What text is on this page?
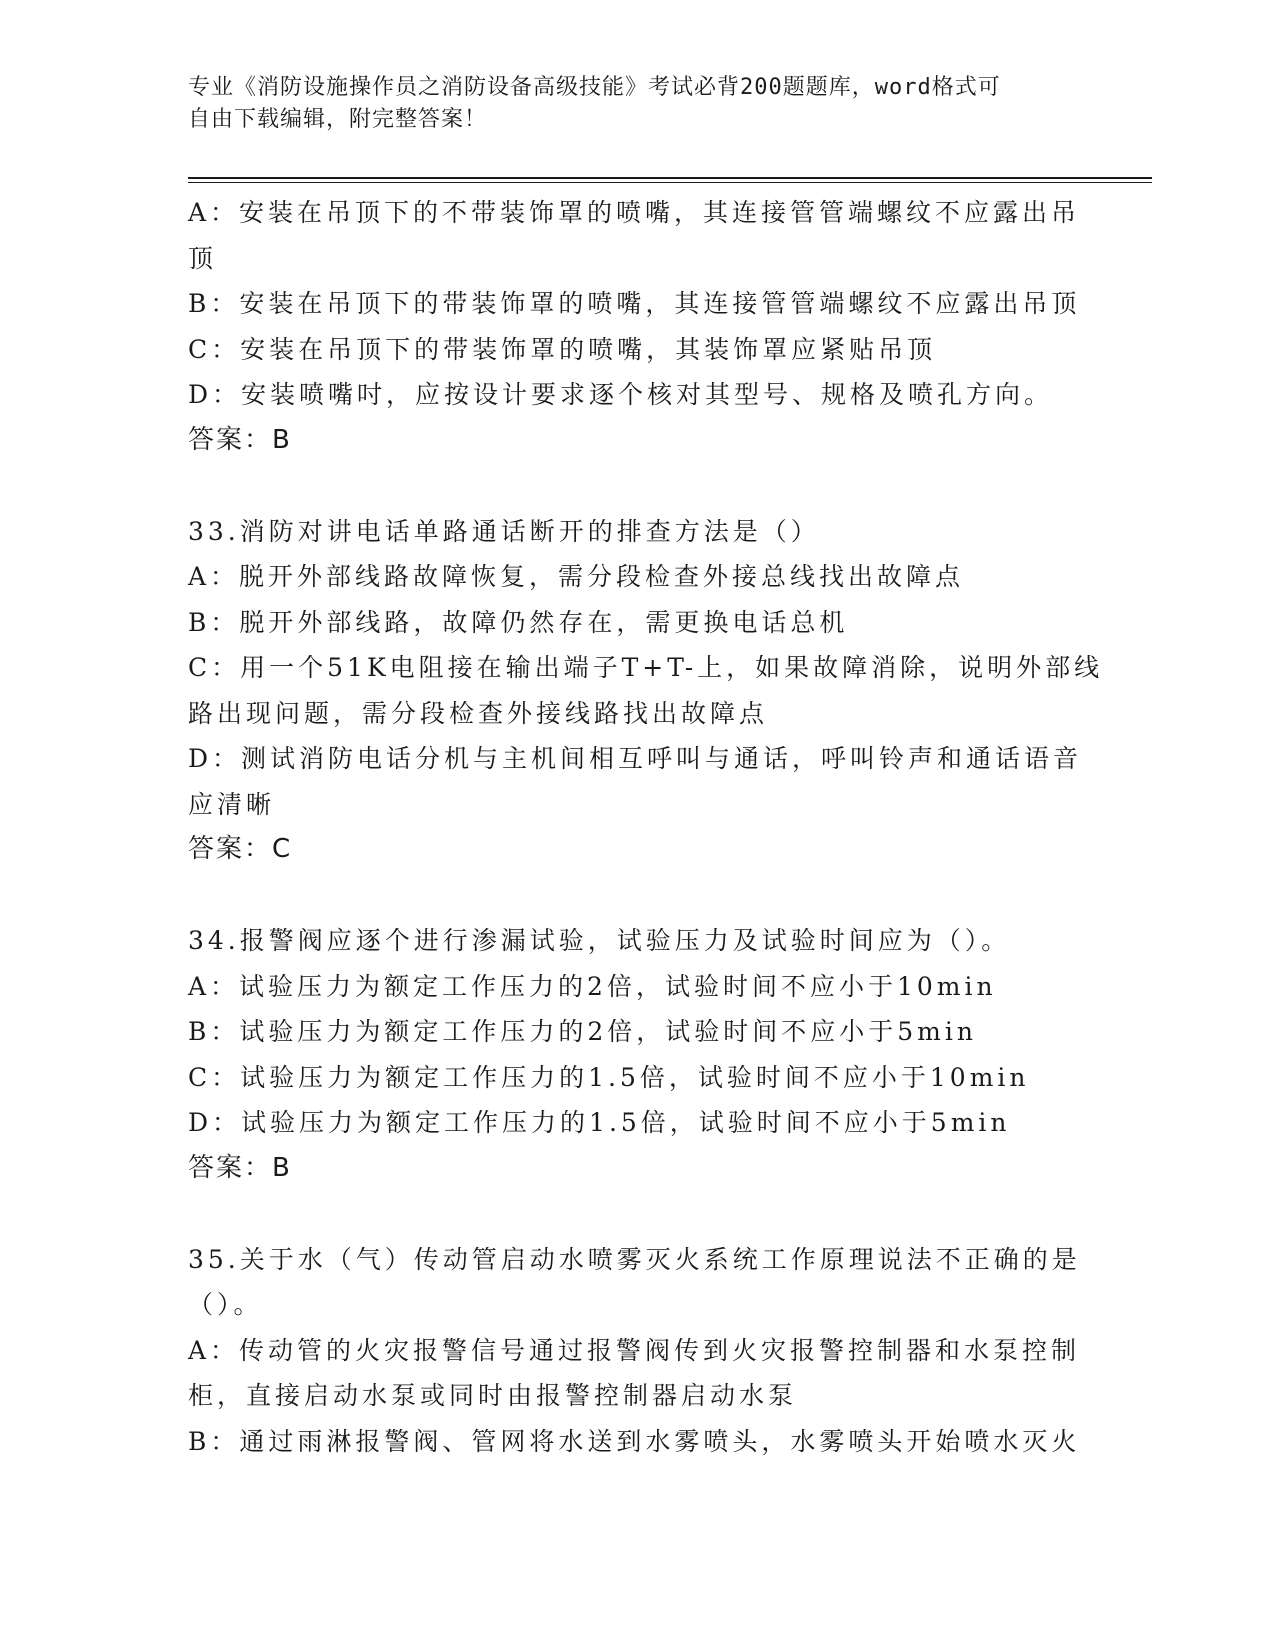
专业《消防设施操作员之消防设备高级技能》考试必背200题题库，word格式可
自由下载编辑，附完整答案！
A：安装在吊顶下的不带装饰罩的喷嘴，其连接管管端螺纹不应露出吊
顶
B：安装在吊顶下的带装饰罩的喷嘴，其连接管管端螺纹不应露出吊顶
C：安装在吊顶下的带装饰罩的喷嘴，其装饰罩应紧贴吊顶
D：安装喷嘴吋，应按设计要求逐个核对其型号、规格及喷孔方向。
答案：B
33.消防对讲电话单路通话断开的排查方法是（）
A：脱开外部线路故障恢复，需分段检查外接总线找出故障点
B：脱开外部线路，故障仍然存在，需更换电话总机
C：用一个51K电阻接在输出端子T+T-上，如果故障消除，说明外部线
路出现问题，需分段检查外接线路找出故障点
D：测试消防电话分机与主机间相互呼叫与通话，呼叫铃声和通话语音
应清晰
答案：C
34.报警阀应逐个进行渗漏试验，试验压力及试验时间应为（）。
A：试验压力为额定工作压力的2倍，试验时间不应小于10min
B：试验压力为额定工作压力的2倍，试验时间不应小于5min
C：试验压力为额定工作压力的1.5倍，试验时间不应小于10min
D：试验压力为额定工作压力的1.5倍，试验时间不应小于5min
答案：B
35.关于水（气）传动管启动水喷雾灭火系统工作原理说法不正确的是
（）。
A：传动管的火灾报警信号通过报警阀传到火灾报警控制器和水泵控制
柜，直接启动水泵或同时由报警控制器启动水泵
B：通过雨淋报警阀、管网将水送到水雾喷头，水雾喷头开始喷水灭火
